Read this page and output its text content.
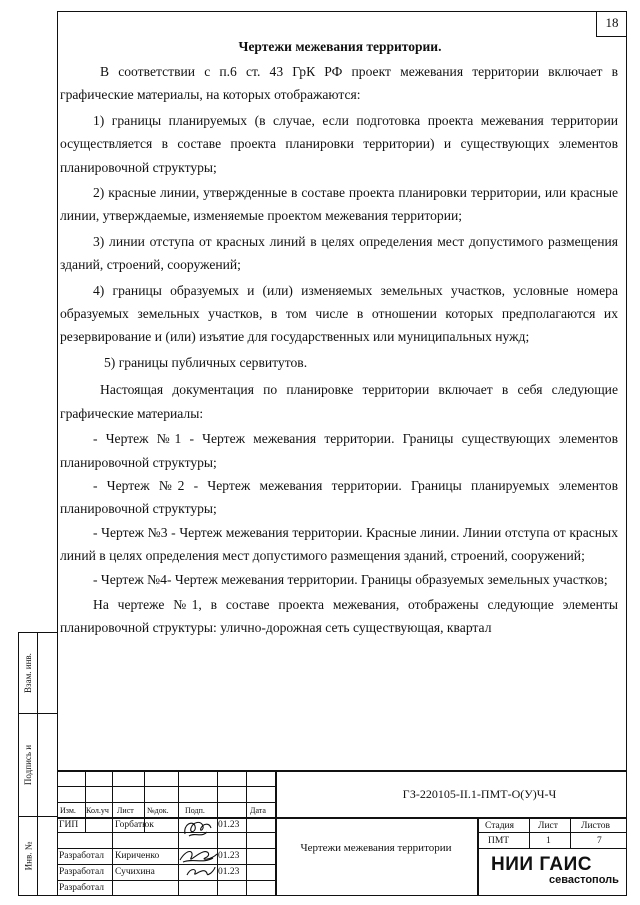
18
Взам. инв.
Подпись и
Инв. №
Чертежи межевания территории.

В соответствии с п.6 ст. 43 ГрК РФ проект межевания территории включает в графические материалы, на которых отображаются:

1) границы планируемых (в случае, если подготовка проекта межевания территории осуществляется в составе проекта планировки территории) и существующих элементов планировочной структуры;

2) красные линии, утвержденные в составе проекта планировки территории, или красные линии, утверждаемые, изменяемые проектом межевания территории;

3) линии отступа от красных линий в целях определения мест допустимого размещения зданий, строений, сооружений;

4) границы образуемых и (или) изменяемых земельных участков, условные номера образуемых земельных участков, в том числе в отношении которых предполагаются их резервирование и (или) изъятие для государственных или муниципальных нужд;

5) границы публичных сервитутов.

Настоящая документация по планировке территории включает в себя следующие графические материалы:

- Чертеж №1 - Чертеж межевания территории. Границы существующих элементов планировочной структуры;

- Чертеж №2 - Чертеж межевания территории. Границы планируемых элементов планировочной структуры;

- Чертеж №3 - Чертеж межевания территории. Красные линии. Линии отступа от красных линий в целях определения мест допустимого размещения зданий, строений, сооружений;

- Чертеж №4- Чертеж межевания территории. Границы образуемых земельных участков;

На чертеже №1, в составе проекта межевания, отображены следующие элементы планировочной структуры: улично-дорожная сеть существующая, квартал

ГЗ-220105-II.1-ПМТ-О(У)Ч-Ч
Изм. Кол.уч Лист №док. Подп.	Дата
ГИП	Горбатюк	01.23
Разработал Кириченко	01.23
Разработал Сучихина	01.23
Разработал
Чертежи межевания территории
Стадия	Лист Листов
ПМТ	1	7
НИИ ГАИС
севастополь
